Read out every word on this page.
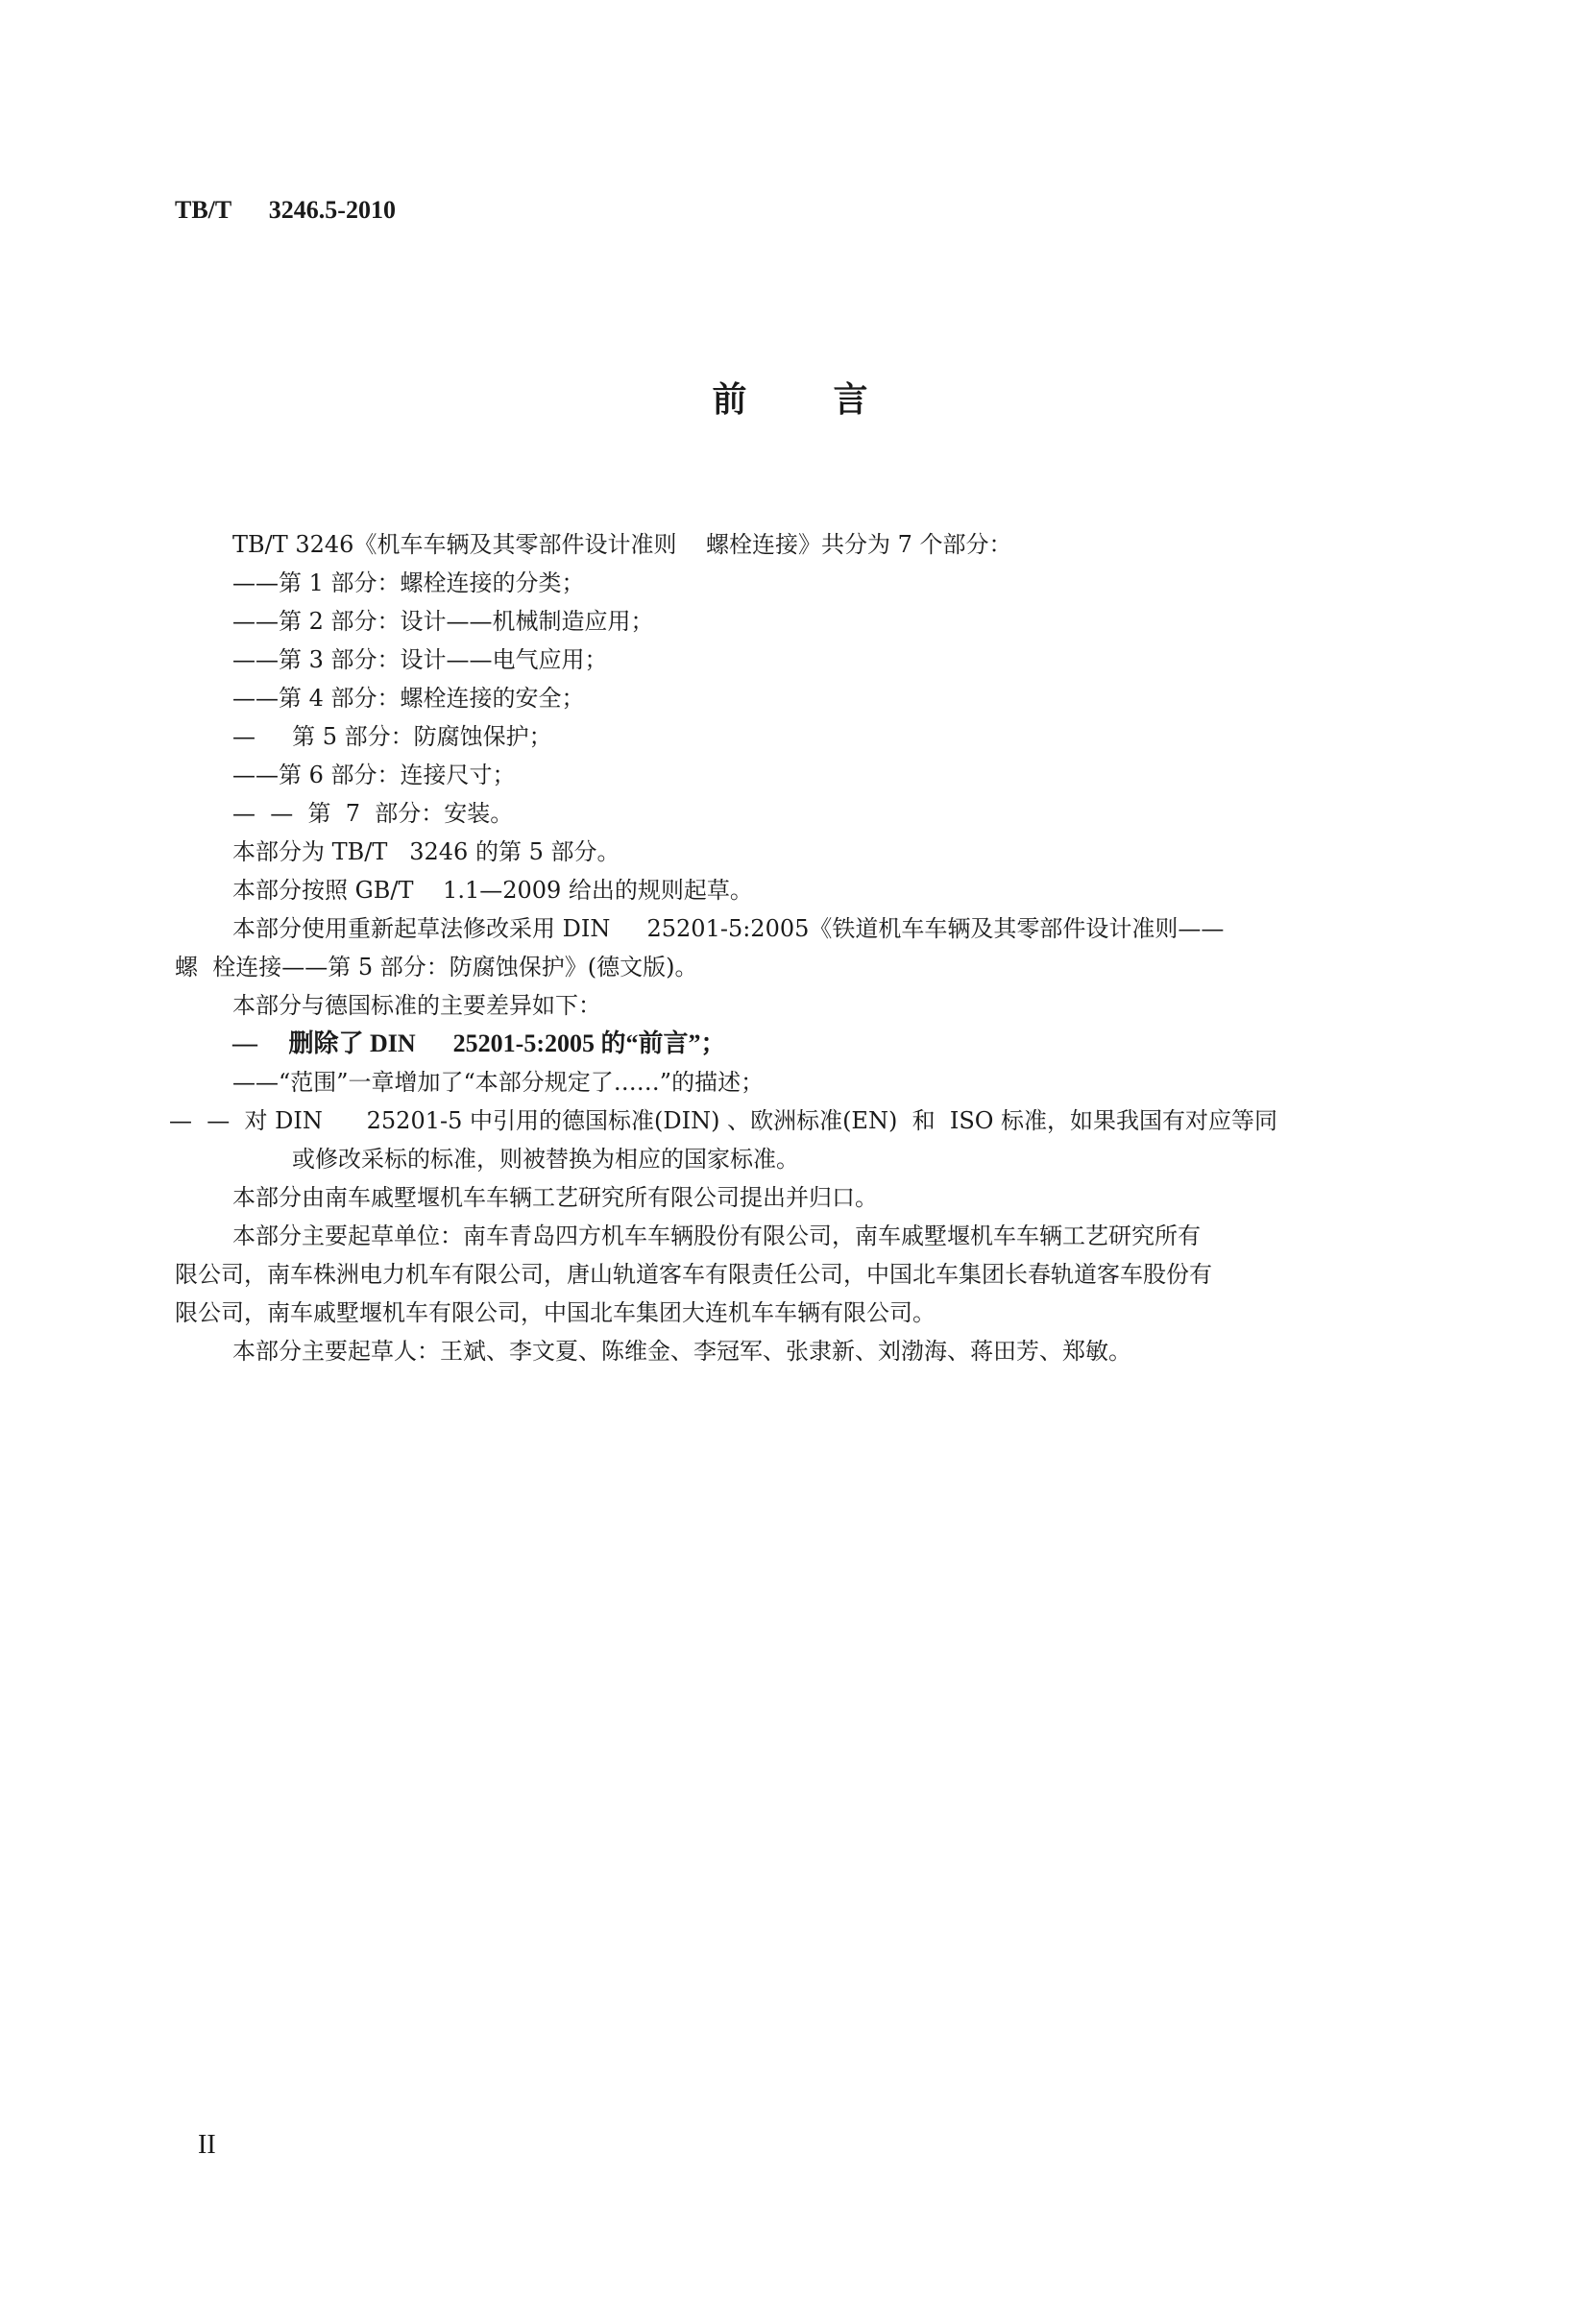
TB/T      3246.5-2010
前	言
TB/T 3246《机车车辆及其零部件设计准则    螺栓连接》共分为 7 个部分：
——第 1 部分：螺栓连接的分类；
——第 2 部分：设计——机械制造应用；
——第 3 部分：设计——电气应用；
——第 4 部分：螺栓连接的安全；
—     第 5 部分：防腐蚀保护；
——第 6 部分：连接尺寸；
—  —  第  7  部分：安装。
本部分为 TB/T   3246 的第 5 部分。
本部分按照 GB/T    1.1—2009 给出的规则起草。
本部分使用重新起草法修改采用 DIN     25201-5:2005《铁道机车车辆及其零部件设计准则——
螺  栓连接——第 5 部分：防腐蚀保护》(德文版)。
本部分与德国标准的主要差异如下：
—     删除了 DIN      25201-5:2005 的“前言”；
——“范围”一章增加了“本部分规定了……”的描述；
—  —  对 DIN      25201-5 中引用的德国标准(DIN) 、欧洲标准(EN)  和  ISO 标准，如果我国有对应等同
或修改采标的标准，则被替换为相应的国家标准。
本部分由南车戚墅堰机车车辆工艺研究所有限公司提出并归口。
本部分主要起草单位：南车青岛四方机车车辆股份有限公司，南车戚墅堰机车车辆工艺研究所有
限公司，南车株洲电力机车有限公司，唐山轨道客车有限责任公司，中国北车集团长春轨道客车股份有
限公司，南车戚墅堰机车有限公司，中国北车集团大连机车车辆有限公司。
本部分主要起草人：王斌、李文夏、陈维金、李冠军、张隶新、刘渤海、蒋田芳、郑敏。
II
